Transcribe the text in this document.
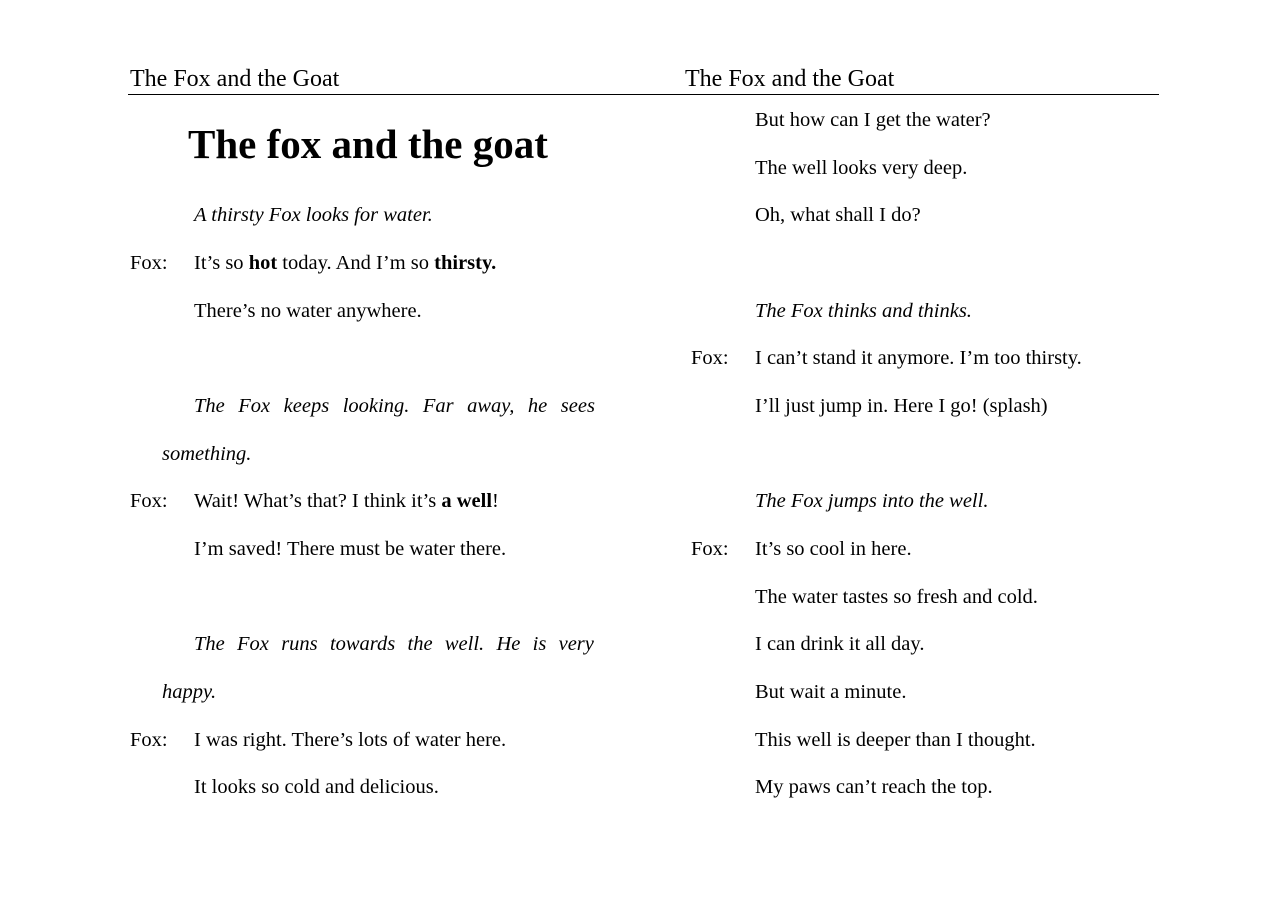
The Fox and the Goat	The Fox and the Goat
The fox and the goat
A thirsty Fox looks for water.
Fox: It’s so hot today. And I’m so thirsty.
There’s no water anywhere.
The Fox keeps looking. Far away, he sees
something.
Fox: Wait! What’s that? I think it’s a well!
I’m saved! There must be water there.
The Fox runs towards the well. He is very
happy.
Fox: I was right. There’s lots of water here.
It looks so cold and delicious.
But how can I get the water?
The well looks very deep.
Oh, what shall I do?
The Fox thinks and thinks.
Fox: I can’t stand it anymore. I’m too thirsty.
I’ll just jump in. Here I go! (splash)
The Fox jumps into the well.
Fox: It’s so cool in here.
The water tastes so fresh and cold.
I can drink it all day.
But wait a minute.
This well is deeper than I thought.
My paws can’t reach the top.
